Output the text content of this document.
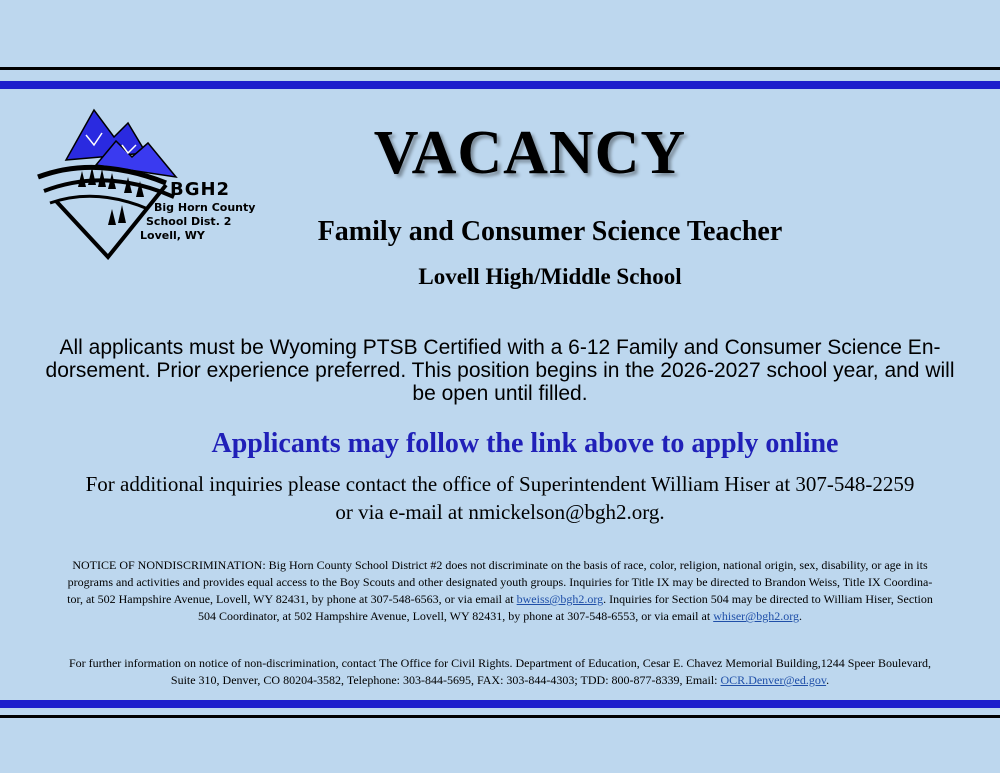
BGH2
Big Horn County
School Dist. 2
Lovell, WY
VACANCY
Family and Consumer Science Teacher
Lovell High/Middle School
All applicants must be Wyoming PTSB Certified with a 6-12 Family and Consumer Science En-
dorsement. Prior experience preferred. This position begins in the 2026-2027 school year, and will
be open until filled.
Applicants may follow the link above to apply online
For additional inquiries please contact the office of Superintendent William Hiser at 307-548-2259
or via e-mail at nmickelson@bgh2.org.
NOTICE OF NONDISCRIMINATION: Big Horn County School District #2 does not discriminate on the basis of race, color, religion, national origin, sex, disability, or age in its
programs and activities and provides equal access to the Boy Scouts and other designated youth groups. Inquiries for Title IX may be directed to Brandon Weiss, Title IX Coordina-
tor, at 502 Hampshire Avenue, Lovell, WY 82431, by phone at 307-548-6563, or via email at bweiss@bgh2.org. Inquiries for Section 504 may be directed to William Hiser, Section
504 Coordinator, at 502 Hampshire Avenue, Lovell, WY 82431, by phone at 307-548-6553, or via email at whiser@bgh2.org.
For further information on notice of non-discrimination, contact The Office for Civil Rights. Department of Education, Cesar E. Chavez Memorial Building,1244 Speer Boulevard,
Suite 310, Denver, CO 80204-3582, Telephone: 303-844-5695, FAX: 303-844-4303; TDD: 800-877-8339, Email: OCR.Denver@ed.gov.
